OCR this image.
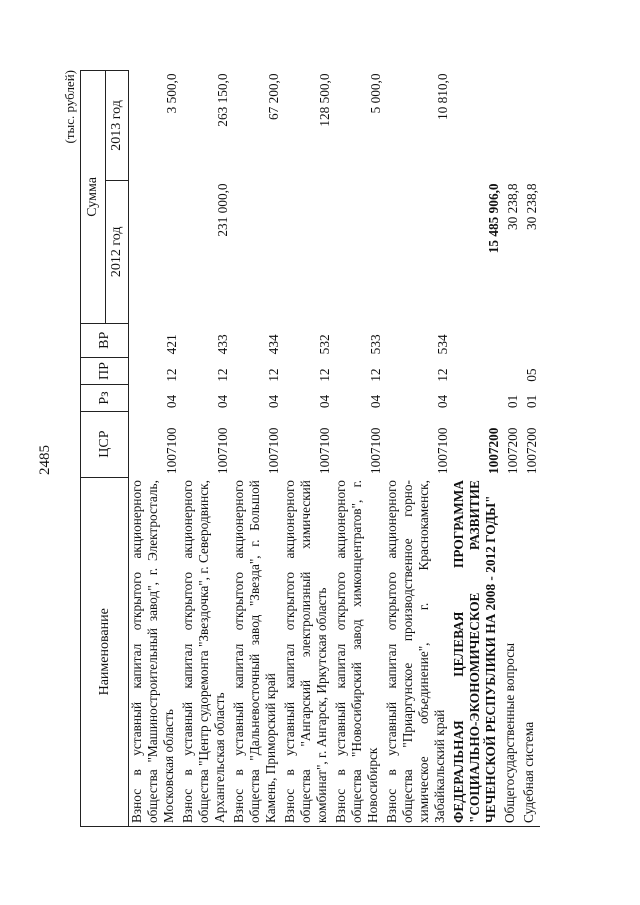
2485
(тыс. рублей)
Наименование	ЦСР	Рз	ПР	ВР	Сумма	
					2012 год	2013 год
Взнос в уставный капитал открытого акционерного общества "Машиностроительный завод", г. Электросталь, Московская область	1007100	04	12	421		3 500,0
Взнос в уставный капитал открытого акционерного общества "Центр судоремонта "Звездочка", г. Северодвинск, Архангельская область	1007100	04	12	433	231 000,0	263 150,0
Взнос в уставный капитал открытого акционерного общества "Дальневосточный завод "Звезда", г. Большой Камень, Приморский край	1007100	04	12	434		67 200,0
Взнос в уставный капитал открытого акционерного общества "Ангарский электролизный химический комбинат", г. Ангарск, Иркутская область	1007100	04	12	532		128 500,0
Взнос в уставный капитал открытого акционерного общества "Новосибирский завод химконцентратов", г. Новосибирск	1007100	04	12	533		5 000,0
Взнос в уставный капитал открытого акционерного общества "Приаргунское производственное горно-химическое объединение", г. Краснокаменск, Забайкальский край	1007100	04	12	534		10 810,0
ФЕДЕРАЛЬНАЯ ЦЕЛЕВАЯ ПРОГРАММА "СОЦИАЛЬНО-ЭКОНОМИЧЕСКОЕ РАЗВИТИЕ ЧЕЧЕНСКОЙ РЕСПУБЛИКИ НА 2008 - 2012 ГОДЫ"	1007200				15 485 906,0	
Общегосударственные вопросы	1007200	01			30 238,8	
Судебная система	1007200	01	05		30 238,8	
